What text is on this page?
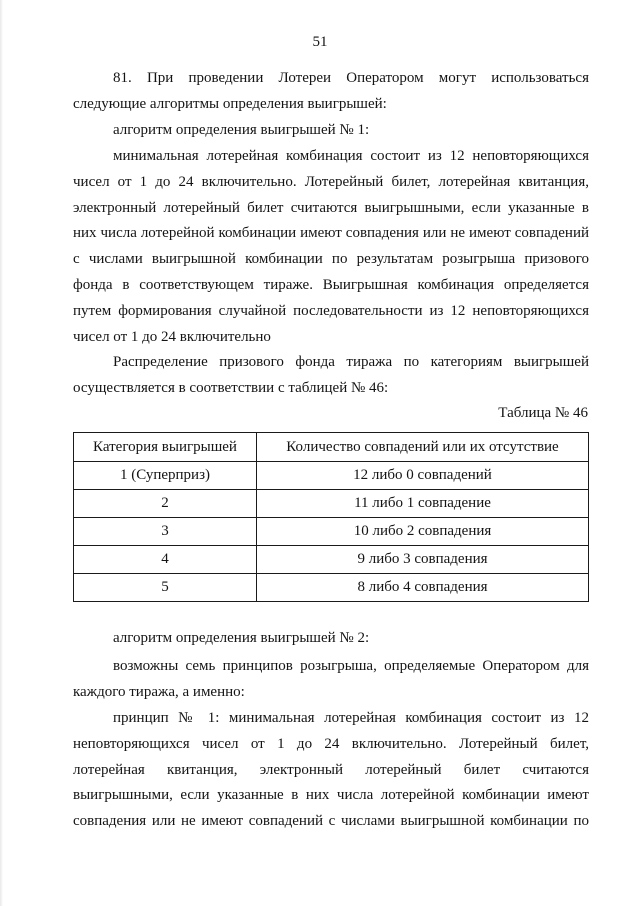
51

81. При проведении Лотереи Оператором могут использоваться следующие алгоритмы определения выигрышей:

алгоритм определения выигрышей № 1:

минимальная лотерейная комбинация состоит из 12 неповторяющихся чисел от 1 до 24 включительно. Лотерейный билет, лотерейная квитанция, электронный лотерейный билет считаются выигрышными, если указанные в них числа лотерейной комбинации имеют совпадения или не имеют совпадений с числами выигрышной комбинации по результатам розыгрыша призового фонда в соответствующем тираже. Выигрышная комбинация определяется путем формирования случайной последовательности из 12 неповторяющихся чисел от 1 до 24 включительно

Распределение призового фонда тиража по категориям выигрышей осуществляется в соответствии с таблицей № 46:

Таблица № 46
Категория выигрышей	Количество совпадений или их отсутствие
1 (Суперприз)	12 либо 0 совпадений
2	11 либо 1 совпадение
3	10 либо 2 совпадения
4	9 либо 3 совпадения
5	8 либо 4 совпадения

алгоритм определения выигрышей № 2:

возможны семь принципов розыгрыша, определяемые Оператором для каждого тиража, а именно:

принцип № 1: минимальная лотерейная комбинация состоит из 12 неповторяющихся чисел от 1 до 24 включительно. Лотерейный билет, лотерейная квитанция, электронный лотерейный билет считаются выигрышными, если указанные в них числа лотерейной комбинации имеют совпадения или не имеют совпадений с числами выигрышной комбинации по
